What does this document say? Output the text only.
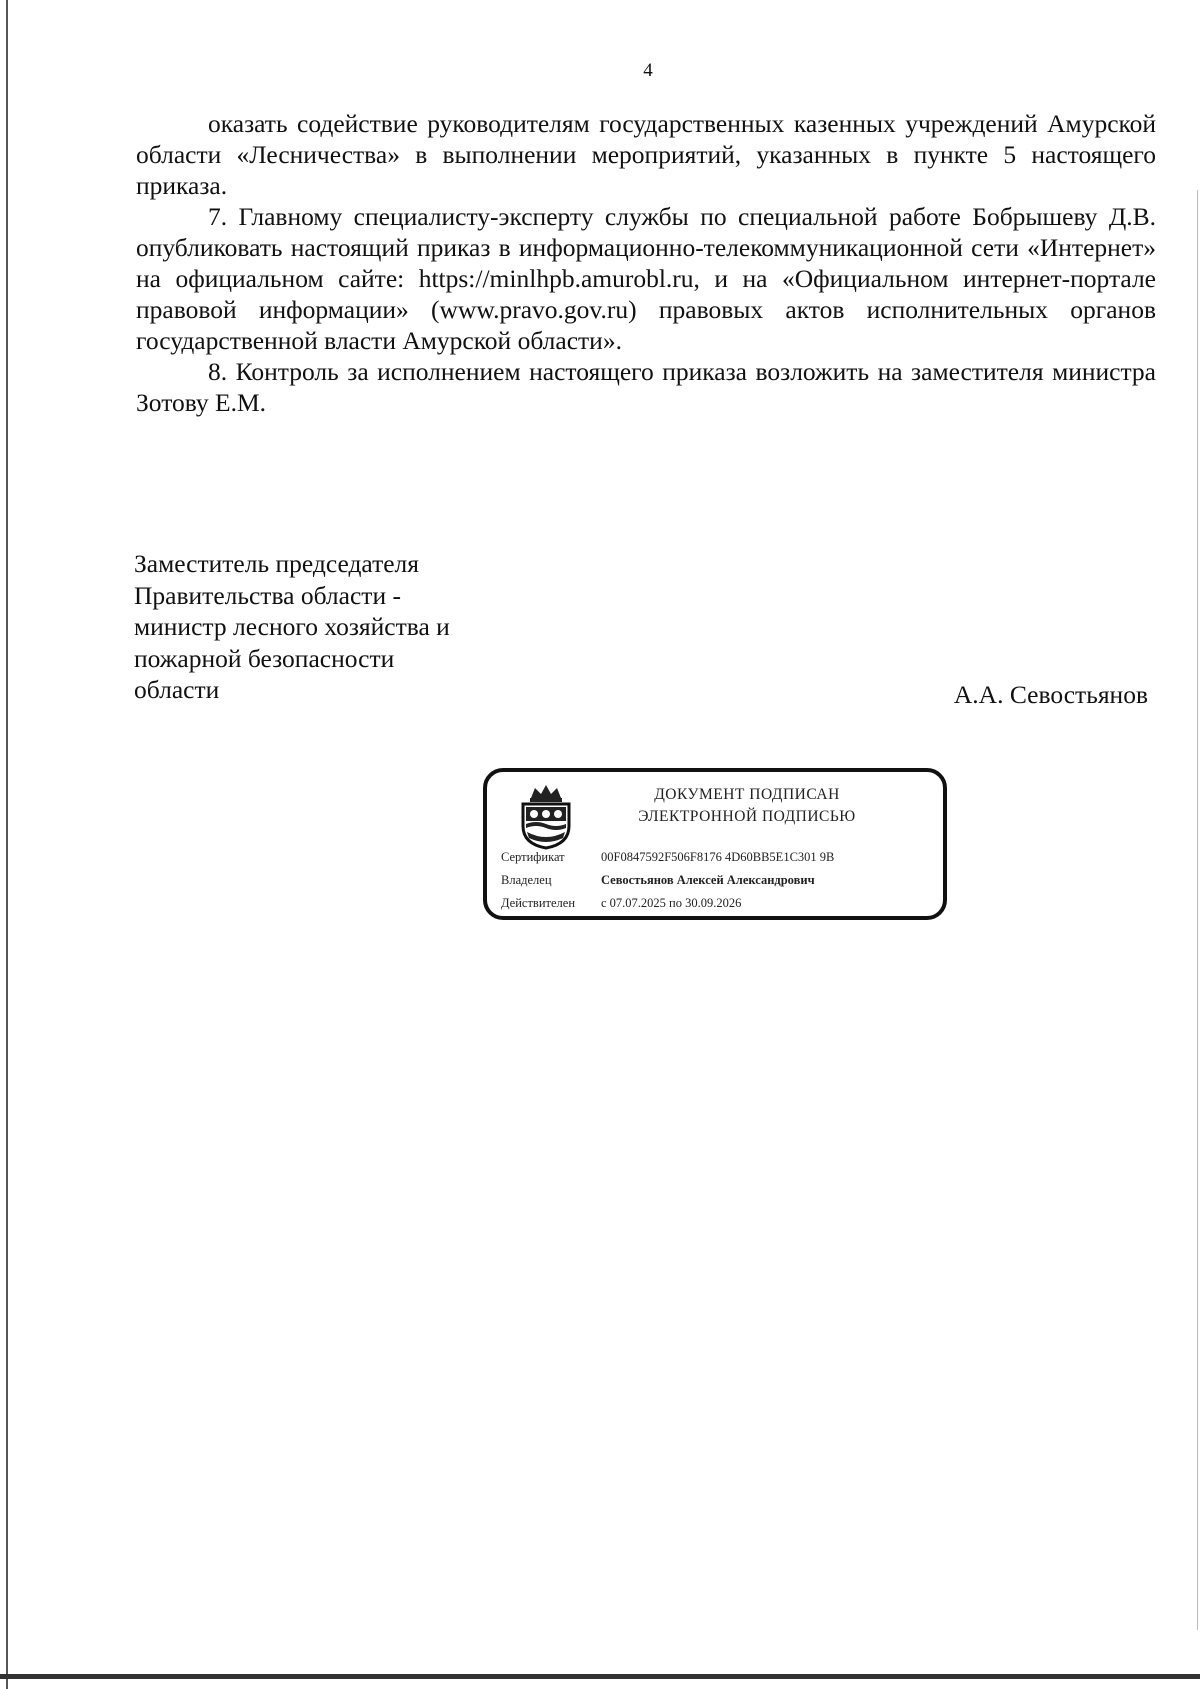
4

оказать содействие руководителям государственных казенных учреждений Амурской области «Лесничества» в выполнении мероприятий, указанных в пункте 5 настоящего приказа.

7. Главному специалисту-эксперту службы по специальной работе Бобрышеву Д.В. опубликовать настоящий приказ в информационно-телекоммуникационной сети «Интернет» на официальном сайте: https://minlhpb.amurobl.ru, и на «Официальном интернет-портале правовой информации» (www.pravo.gov.ru) правовых актов исполнительных органов государственной власти Амурской области».

8. Контроль за исполнением настоящего приказа возложить на заместителя министра Зотову Е.М.

Заместитель председателя
Правительства области -
министр лесного хозяйства и
пожарной безопасности
области	А.А. Севостьянов
ДОКУМЕНТ ПОДПИСАН
ЭЛЕКТРОННОЙ ПОДПИСЬЮ
Сертификат	00F0847592F506F8176 4D60BB5E1C301 9B
Владелец	Севостьянов Алексей Александрович
Действителен с 07.07.2025 по 30.09.2026
